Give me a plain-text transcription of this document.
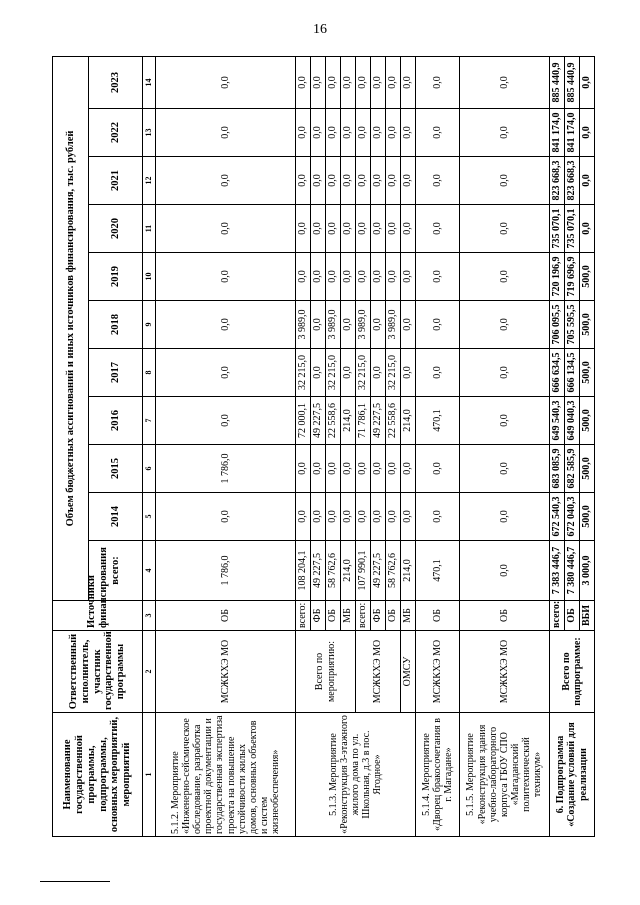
16
Наименование государственной программы, подпрограммы, основных мероприятий, мероприятий	Ответственный исполнитель, участник государственной программы	Источники финансирования	Объем бюджетных ассигнований и иных источников финансирования, тыс. рублей										
			всего:	2014	2015	2016	2017	2018	2019	2020	2021	2022	2023
1	2	3	4	5	6	7	8	9	10	11	12	13	14
5.1.2. Мероприятие «Инженерно-сейсмическое обследование, разработка проектной документации и государственная экспертиза проекта на повышение устойчивости жилых домов, основных объектов и систем жизнеобеспечения»	МСЖКХЭ МО	ОБ	1 786,0	0,0	1 786,0	0,0	0,0	0,0	0,0	0,0	0,0	0,0	0,0
5.1.3. Мероприятие «Реконструкция 3-этажного жилого дома по ул. Школьная, д.3 в пос. Ягодное»	Всего по мероприятию:	всего:	108 204,1	0,0	0,0	72 000,1	32 215,0	3 989,0	0,0	0,0	0,0	0,0	0,0
		ФБ	49 227,5	0,0	0,0	49 227,5	0,0	0,0	0,0	0,0	0,0	0,0	0,0
		ОБ	58 762,6	0,0	0,0	22 558,6	32 215,0	3 989,0	0,0	0,0	0,0	0,0	0,0
		МБ	214,0	0,0	0,0	214,0	0,0	0,0	0,0	0,0	0,0	0,0	0,0
	МСЖКХЭ МО	всего:	107 990,1	0,0	0,0	71 786,1	32 215,0	3 989,0	0,0	0,0	0,0	0,0	0,0
		ФБ	49 227,5	0,0	0,0	49 227,5	0,0	0,0	0,0	0,0	0,0	0,0	0,0
		ОБ	58 762,6	0,0	0,0	22 558,6	32 215,0	3 989,0	0,0	0,0	0,0	0,0	0,0
	ОМСУ	МБ	214,0	0,0	0,0	214,0	0,0	0,0	0,0	0,0	0,0	0,0	0,0
5.1.4. Мероприятие «Дворец бракосочетания в г. Магадане»	МСЖКХЭ МО	ОБ	470,1	0,0	0,0	470,1	0,0	0,0	0,0	0,0	0,0	0,0	0,0
5.1.5. Мероприятие «Реконструкция здания учебно-лабораторного корпуса ГБОУ СПО «Магаданский политехнический техникум»	МСЖКХЭ МО	ОБ	0,0	0,0	0,0	0,0	0,0	0,0	0,0	0,0	0,0	0,0	0,0
6. Подпрограмма «Создание условий для реализации	Всего по подпрограмме:	всего:	7 383 446,7	672 540,3	683 085,9	649 540,3	666 634,5	706 095,5	720 196,9	735 070,1	823 668,3	841 174,0	885 440,9
		ОБ	7 380 446,7	672 040,3	682 585,9	649 040,3	666 134,5	705 595,5	719 696,9	735 070,1	823 668,3	841 174,0	885 440,9
		ВБИ	3 000,0	500,0	500,0	500,0	500,0	500,0	500,0	0,0	0,0	0,0	0,0
